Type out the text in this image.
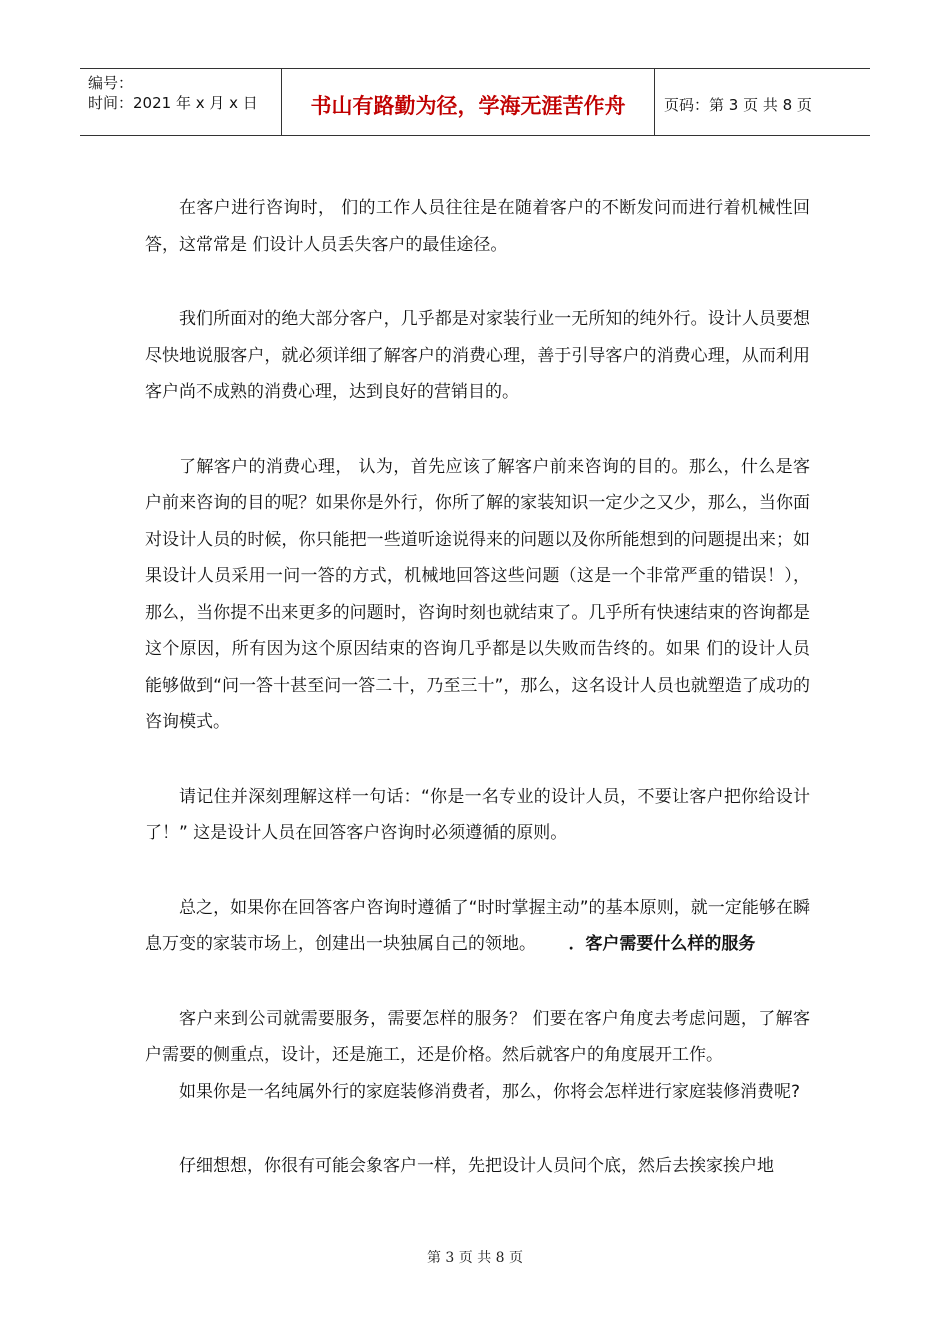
编号：
时间：2021 年 x 月 x 日	书山有路勤为径，学海无涯苦作舟	页码：第 3 页 共 8 页

在客户进行咨询时， 们的工作人员往往是在随着客户的不断发问而进行着机械性回答，这常常是 们设计人员丢失客户的最佳途径。

我们所面对的绝大部分客户，几乎都是对家装行业一无所知的纯外行。设计人员要想尽快地说服客户，就必须详细了解客户的消费心理，善于引导客户的消费心理，从而利用客户尚不成熟的消费心理，达到良好的营销目的。

了解客户的消费心理， 认为，首先应该了解客户前来咨询的目的。那么，什么是客户前来咨询的目的呢？如果你是外行，你所了解的家装知识一定少之又少，那么，当你面对设计人员的时候，你只能把一些道听途说得来的问题以及你所能想到的问题提出来；如果设计人员采用一问一答的方式，机械地回答这些问题（这是一个非常严重的错误！），那么，当你提不出来更多的问题时，咨询时刻也就结束了。几乎所有快速结束的咨询都是这个原因，所有因为这个原因结束的咨询几乎都是以失败而告终的。如果 们的设计人员能够做到“问一答十甚至问一答二十，乃至三十”，那么，这名设计人员也就塑造了成功的咨询模式。

请记住并深刻理解这样一句话：“你是一名专业的设计人员，不要让客户把你给设计了！” 这是设计人员在回答客户咨询时必须遵循的原则。

总之，如果你在回答客户咨询时遵循了“时时掌握主动”的基本原则，就一定能够在瞬息万变的家装市场上，创建出一块独属自己的领地。 ．客户需要什么样的服务

客户来到公司就需要服务，需要怎样的服务？ 们要在客户角度去考虑问题，了解客户需要的侧重点，设计，还是施工，还是价格。然后就客户的角度展开工作。

如果你是一名纯属外行的家庭装修消费者，那么，你将会怎样进行家庭装修消费呢?

仔细想想，你很有可能会象客户一样，先把设计人员问个底，然后去挨家挨户地

第 3 页 共 8 页
